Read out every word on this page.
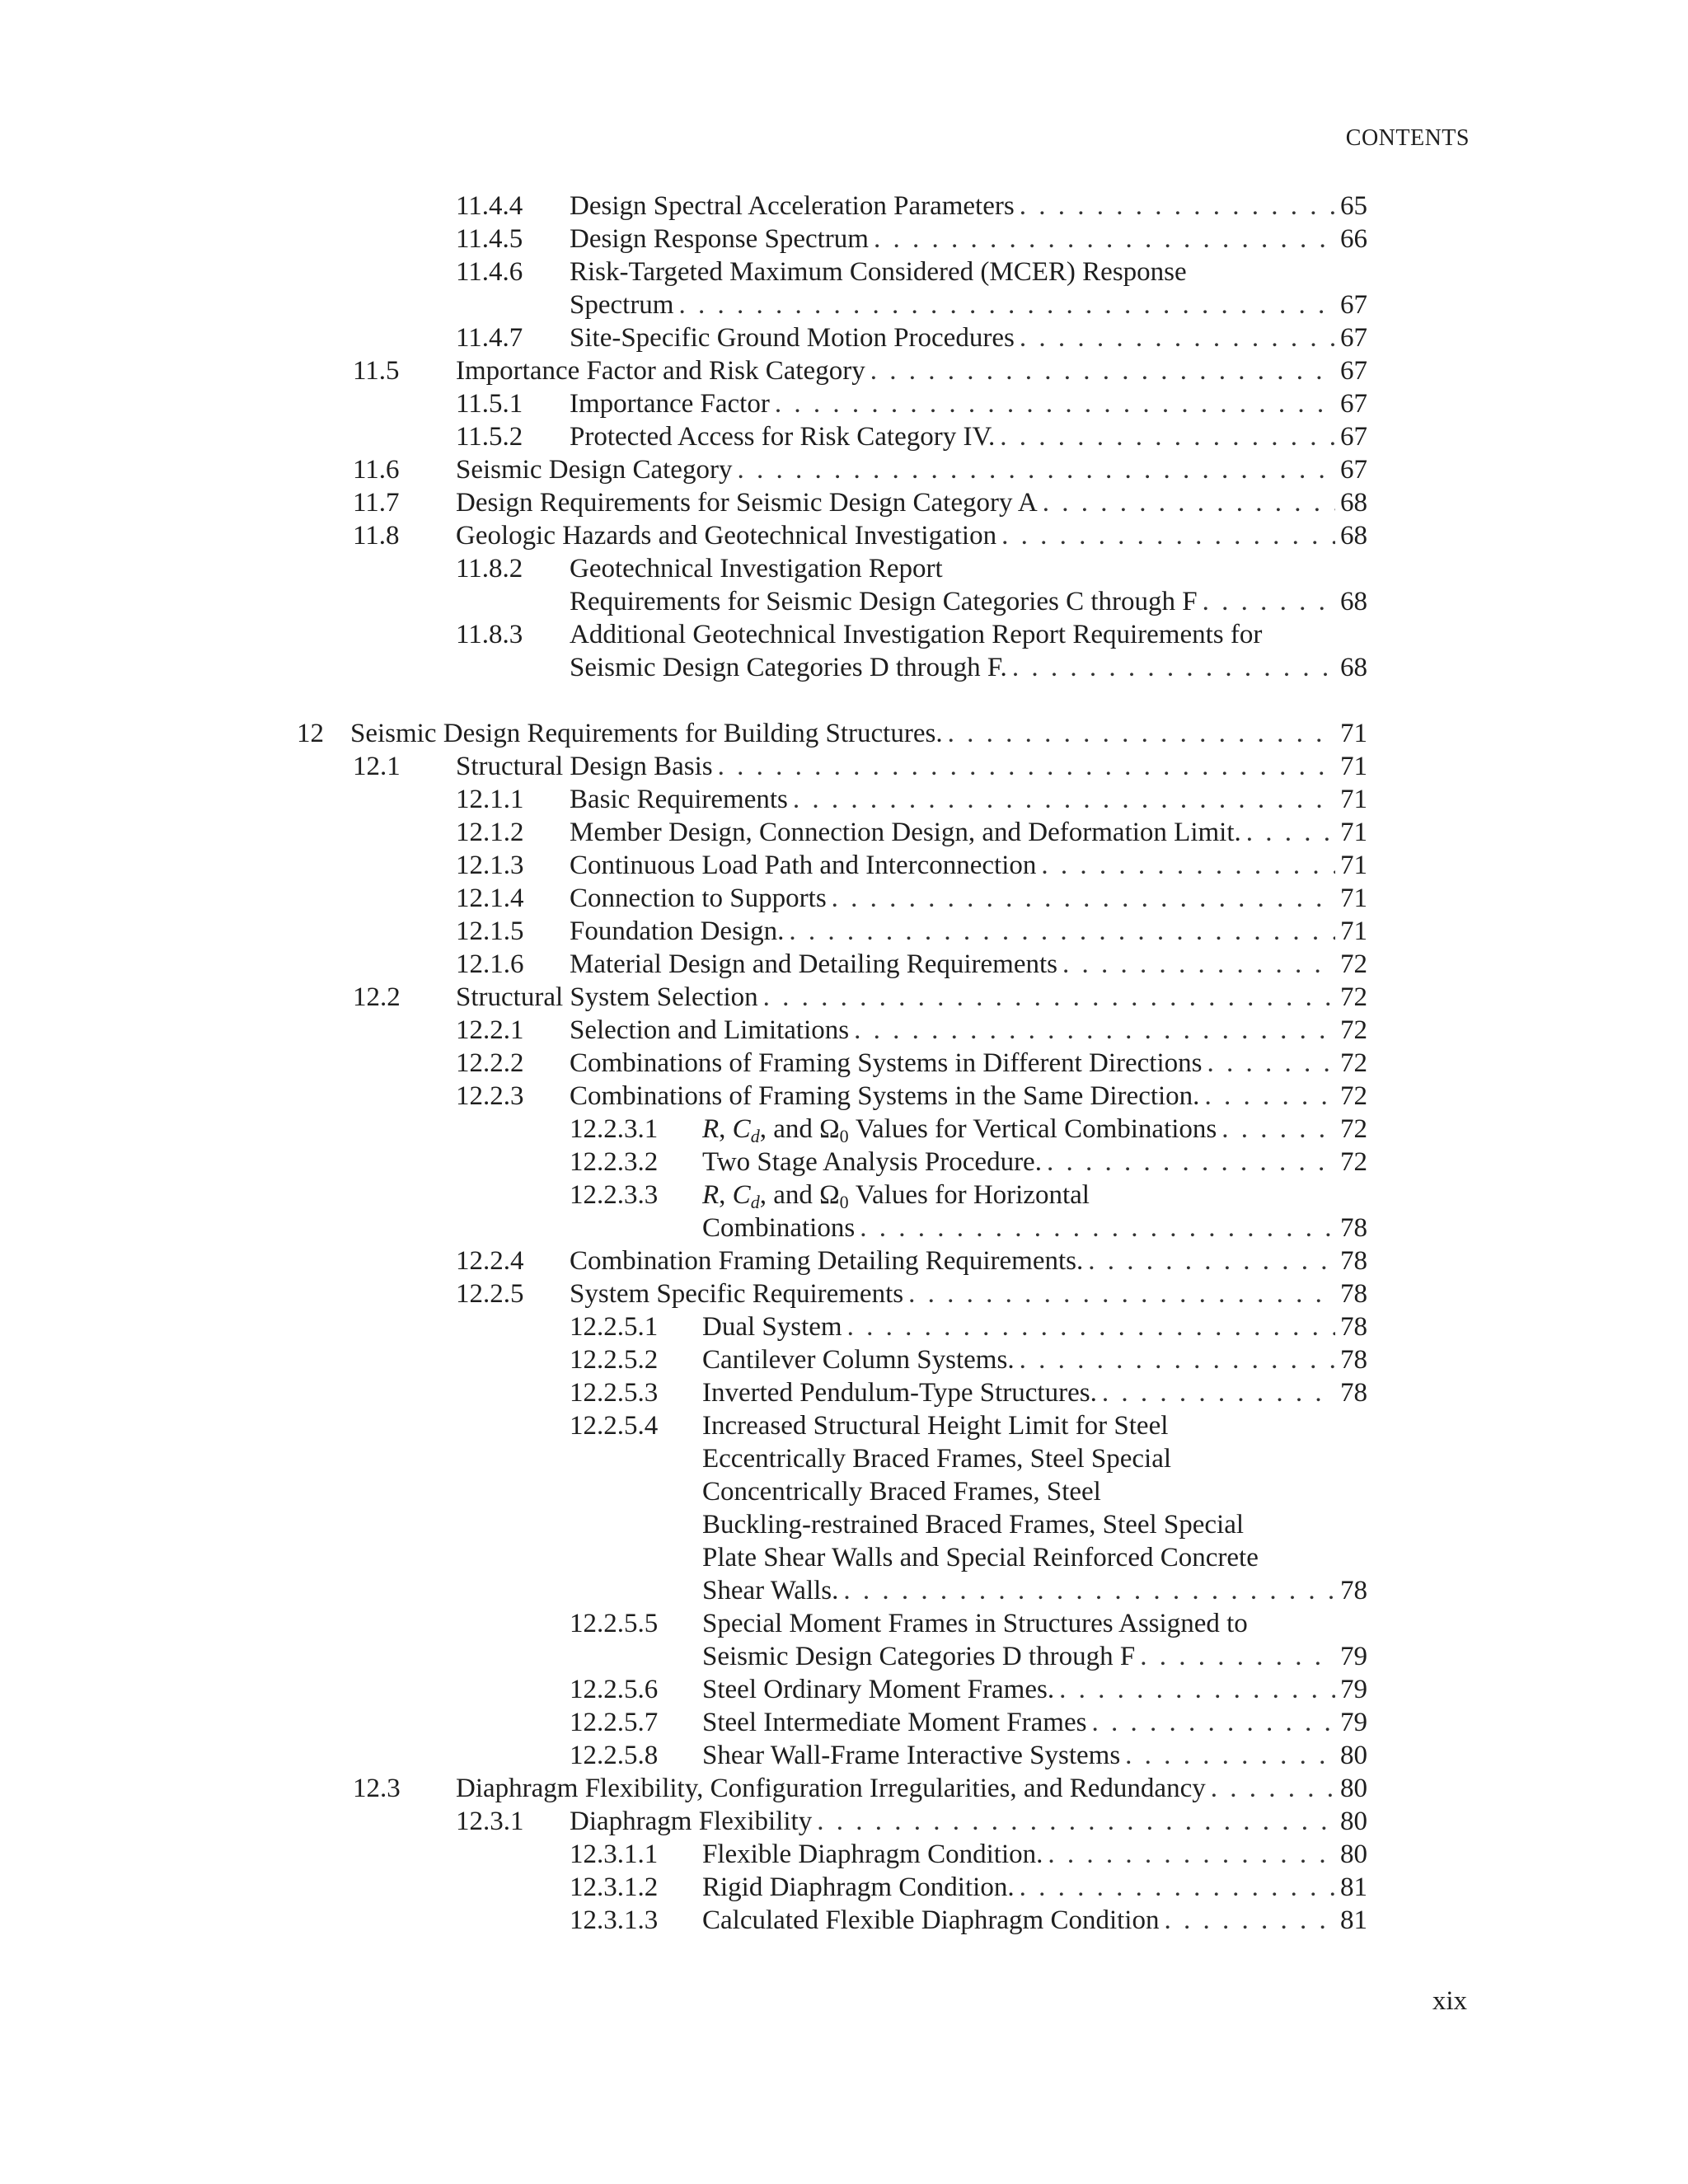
CONTENTS
11.4.4 Design Spectral Acceleration Parameters . . .	65
11.4.5 Design Response Spectrum . . .	66
11.4.6 Risk-Targeted Maximum Considered (MCER) Response
Spectrum . . .	67
11.4.7 Site-Specific Ground Motion Procedures . . .	67
11.5 Importance Factor and Risk Category . . .	67
11.5.1 Importance Factor . . .	67
11.5.2 Protected Access for Risk Category IV. . . .	67
11.6 Seismic Design Category . . .	67
11.7 Design Requirements for Seismic Design Category A . . .	68
11.8 Geologic Hazards and Geotechnical Investigation . . .	68
11.8.2 Geotechnical Investigation Report
Requirements for Seismic Design Categories C through F . . .	68
11.8.3 Additional Geotechnical Investigation Report Requirements for
Seismic Design Categories D through F. . . .	68
12 Seismic Design Requirements for Building Structures. . . .	71
12.1 Structural Design Basis . . .	71
12.1.1 Basic Requirements . . .	71
12.1.2 Member Design, Connection Design, and Deformation Limit. . . .	71
12.1.3 Continuous Load Path and Interconnection . . .	71
12.1.4 Connection to Supports . . .	71
12.1.5 Foundation Design. . . .	71
12.1.6 Material Design and Detailing Requirements . . .	72
12.2 Structural System Selection . . .	72
12.2.1 Selection and Limitations . . .	72
12.2.2 Combinations of Framing Systems in Different Directions . . .	72
12.2.3 Combinations of Framing Systems in the Same Direction. . . .	72
12.2.3.1 R, $C_d$, and $\Omega_0$ Values for Vertical Combinations . . .	72
12.2.3.2 Two Stage Analysis Procedure. . . .	72
12.2.3.3 R, $C_d$, and $\Omega_0$ Values for Horizontal
Combinations . . .	78
12.2.4 Combination Framing Detailing Requirements. . . .	78
12.2.5 System Specific Requirements . . .	78
12.2.5.1 Dual System . . .	78
12.2.5.2 Cantilever Column Systems. . . .	78
12.2.5.3 Inverted Pendulum-Type Structures. . . .	78
12.2.5.4 Increased Structural Height Limit for Steel
Eccentrically Braced Frames, Steel Special
Concentrically Braced Frames, Steel
Buckling-restrained Braced Frames, Steel Special
Plate Shear Walls and Special Reinforced Concrete
Shear Walls. . . .	78
12.2.5.5 Special Moment Frames in Structures Assigned to
Seismic Design Categories D through F . . .	79
12.2.5.6 Steel Ordinary Moment Frames. . . .	79
12.2.5.7 Steel Intermediate Moment Frames . . .	79
12.2.5.8 Shear Wall-Frame Interactive Systems . . .	80
12.3 Diaphragm Flexibility, Configuration Irregularities, and Redundancy . . .	80
12.3.1 Diaphragm Flexibility . . .	80
12.3.1.1 Flexible Diaphragm Condition. . . .	80
12.3.1.2 Rigid Diaphragm Condition. . . .	81
12.3.1.3 Calculated Flexible Diaphragm Condition . . .	81
xix
